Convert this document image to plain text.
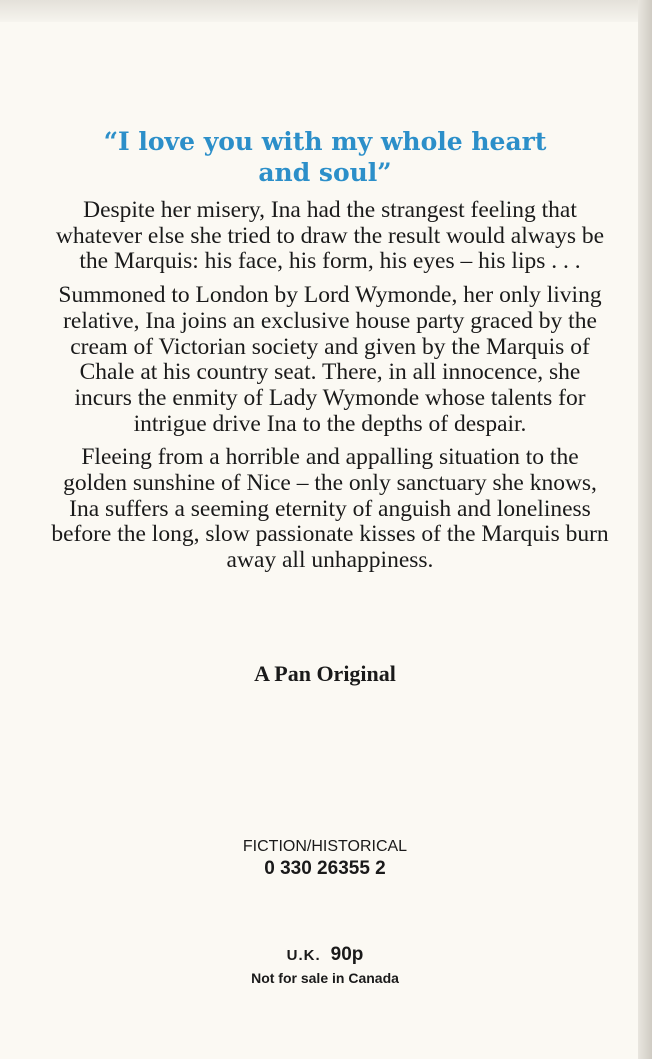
“I love you with my whole heart
and soul”

Despite her misery, Ina had the strangest feeling that whatever else she tried to draw the result would always be the Marquis: his face, his form, his eyes – his lips . . .

Summoned to London by Lord Wymonde, her only living relative, Ina joins an exclusive house party graced by the cream of Victorian society and given by the Marquis of Chale at his country seat. There, in all innocence, she incurs the enmity of Lady Wymonde whose talents for intrigue drive Ina to the depths of despair.

Fleeing from a horrible and appalling situation to the golden sunshine of Nice – the only sanctuary she knows, Ina suffers a seeming eternity of anguish and loneliness before the long, slow passionate kisses of the Marquis burn away all unhappiness.

A Pan Original

FICTION/HISTORICAL
0 330 26355 2
U.K. 90p
Not for sale in Canada
